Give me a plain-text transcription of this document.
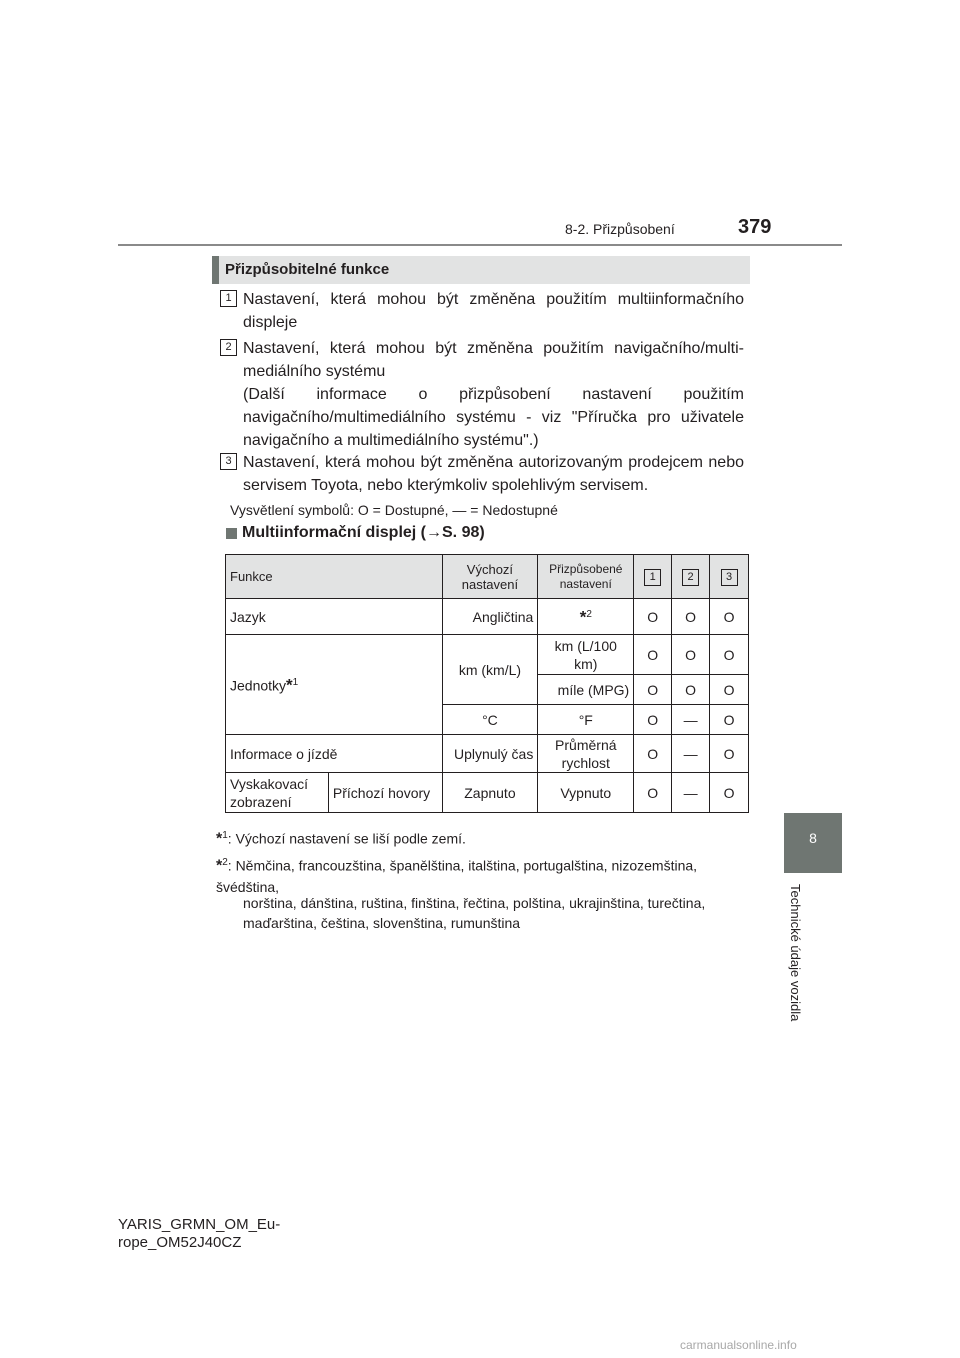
8-2. Přizpůsobení	379
8
Technické údaje vozidla
Přizpůsobitelné funkce
1 Nastavení, která mohou být změněna použitím multiinformačního displeje
2 Nastavení, která mohou být změněna použitím navigačního/multi-mediálního systému
(Další informace o přizpůsobení nastavení použitím navigačního/multimediálního systému - viz "Příručka pro uživatele navigačního a multimediálního systému".)
3 Nastavení, která mohou být změněna autorizovaným prodejcem nebo servisem Toyota, nebo kterýmkoliv spolehlivým servisem.
Vysvětlení symbolů: O = Dostupné, — = Nedostupné
Multiinformační displej (→S. 98)
Funkce		Výchozí nastavení	Přizpůsobené nastavení	1	2	3
Jazyk		Angličtina	*$^2$	O	O	O
Jednotky*$^1$		km (km/L)	km (L/100 km)	O	O	O
			míle (MPG)	O	O	O
		°C	°F	O	—	O
Informace o jízdě		Uplynulý čas	Průměrná rychlost	O	—	O
Vyskakovací zobrazení	Příchozí hovory	Zapnuto	Vypnuto	O	—	O
*$^1$: Výchozí nastavení se liší podle zemí.
*$^2$: Němčina, francouzština, španělština, italština, portugalština, nizozemština, švédština,
norština, dánština, ruština, finština, řečtina, polština, ukrajinština, turečtina, maďarština, čeština, slovenština, rumunština
YARIS_GRMN_OM_Eu-
rope_OM52J40CZ
carmanualsonline.info
